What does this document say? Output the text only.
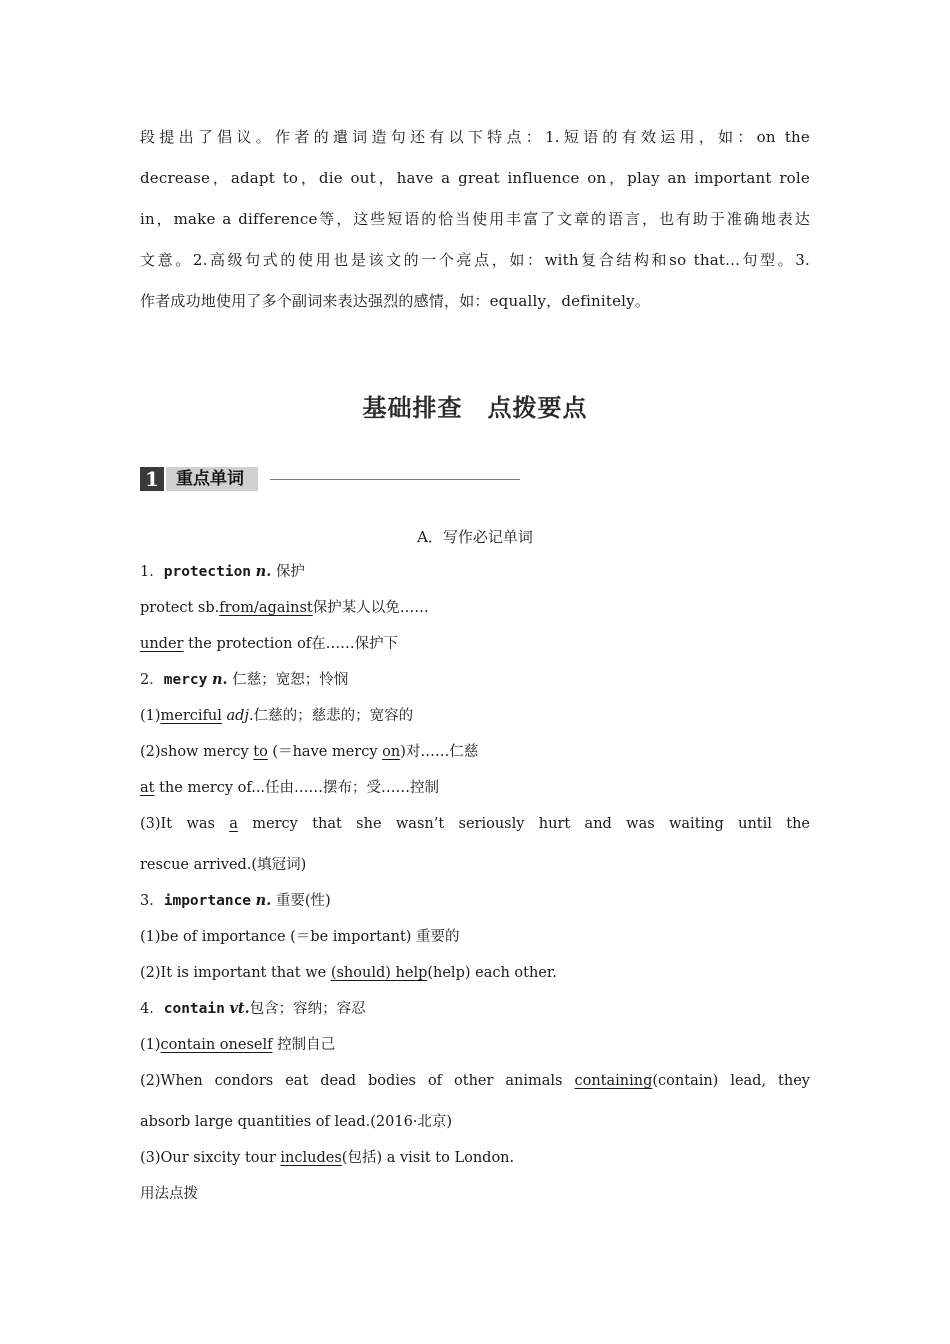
段提出了倡议。作者的遣词造句还有以下特点：1.短语的有效运用，如：on the

decrease，adapt to，die out，have a great influence on，play an important role

in，make a difference等，这些短语的恰当使用丰富了文章的语言，也有助于准确地表达

文意。2.高级句式的使用也是该文的一个亮点，如：with复合结构和so that...句型。3.

作者成功地使用了多个副词来表达强烈的感情，如：equally，definitely。

基础排查　点拨要点
1	重点单词
A．写作必记单词
1．protection n. 保护
protect sb.from/against保护某人以免……
under the protection of在……保护下
2．mercy n. 仁慈；宽恕；怜悯
(1)merciful adj.仁慈的；慈悲的；宽容的
(2)show mercy to (＝have mercy on)对……仁慈
at the mercy of...任由……摆布；受……控制
(3)It was a mercy that she wasn’t seriously hurt and was waiting until the
rescue arrived.(填冠词)
3．importance n. 重要(性)
(1)be of importance (＝be important) 重要的
(2)It is important that we (should) help(help) each other.
4．contain vt.包含；容纳；容忍
(1)contain oneself 控制自己
(2)When condors eat dead bodies of other animals containing(contain) lead, they
absorb large quantities of lead.(2016·北京)
(3)Our sixcity tour includes(包括) a visit to London.
用法点拨
